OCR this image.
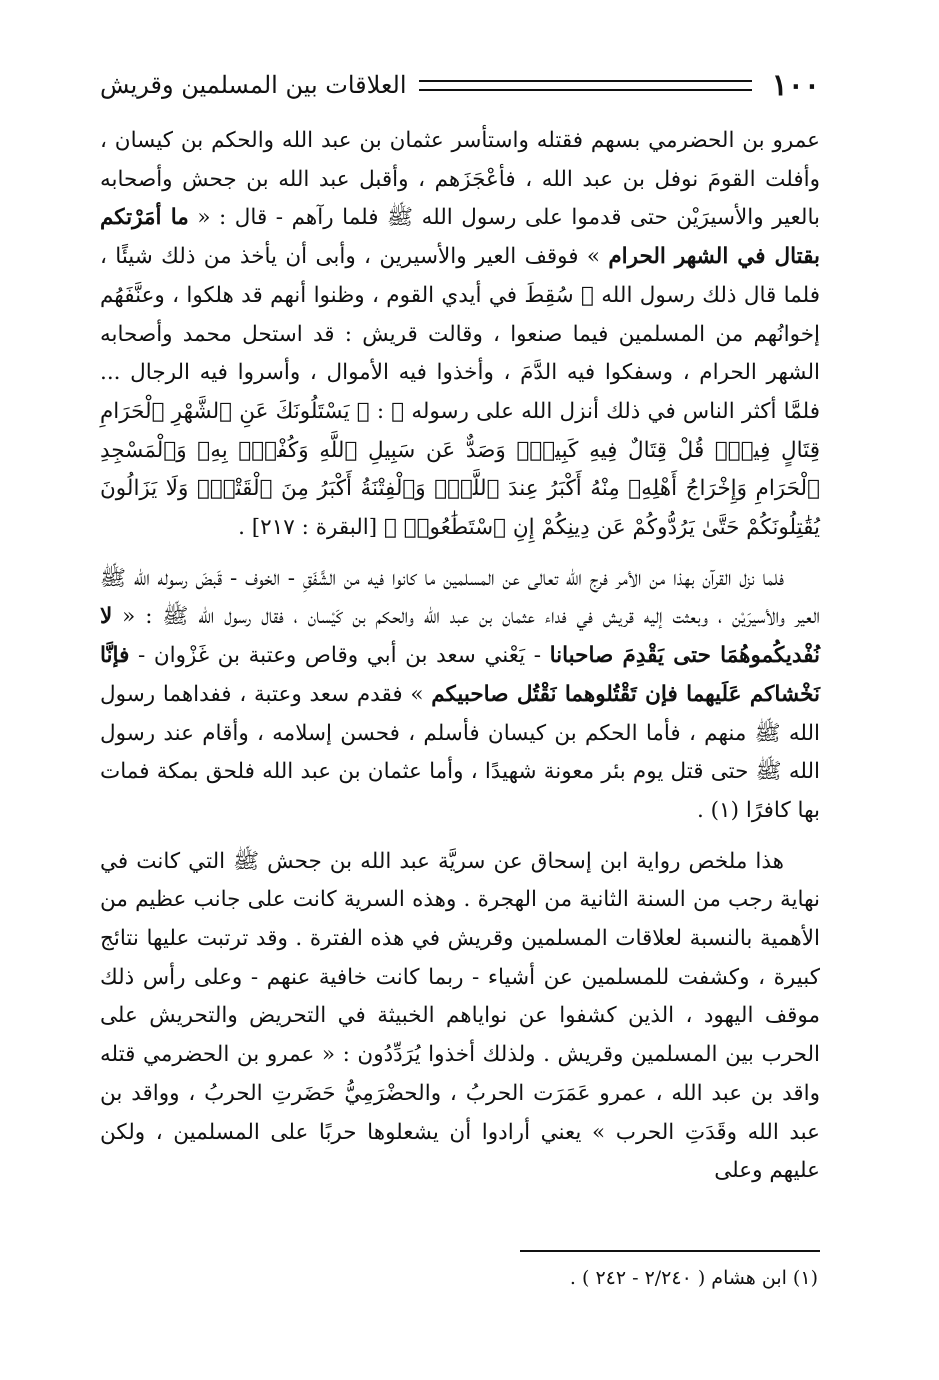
١٠٠
العلاقات بين المسلمين وقريش

عمرو بن الحضرمي بسهم فقتله واستأسر عثمان بن عبد الله والحكم بن كيسان ، وأفلت القومَ نوفل بن عبد الله ، فأعْجَزَهم ، وأقبل عبد الله بن جحش وأصحابه بالعير والأسيرَيْن حتى قدموا على رسول الله ﷺ فلما رآهم - قال : « ما أمَرْتكم بقتال في الشهر الحرام » فوقف العير والأسيرين ، وأبى أن يأخذ من ذلك شيئًا ، فلما قال ذلك رسول الله ﷺ سُقِطَ في أيدي القوم ، وظنوا أنهم قد هلكوا ، وعنَّفَهُم إخوانُهم من المسلمين فيما صنعوا ، وقالت قريش : قد استحل محمد وأصحابه الشهر الحرام ، وسفكوا فيه الدَّمَ ، وأخذوا فيه الأموال ، وأسروا فيه الرجال ... فلمَّا أكثر الناس في ذلك أنزل الله على رسوله ﷺ : ﴿ يَسْتَلُونَكَ عَنِ ٱلشَّهْرِ ٱلْحَرَامِ قِتَالٍ فِيهِۖ قُلْ قِتَالٌ فِيهِ كَبِيرٌۖ وَصَدٌّ عَن سَبِيلِ ٱللَّهِ وَكُفْرٌۢ بِهِۦ وَٱلْمَسْجِدِ ٱلْحَرَامِ وَإِخْرَاجُ أَهْلِهِۦ مِنْهُ أَكْبَرُ عِندَ ٱللَّهِۚ وَٱلْفِتْنَةُ أَكْبَرُ مِنَ ٱلْقَتْلِۗ وَلَا يَزَالُونَ يُقَٰتِلُونَكُمْ حَتَّىٰ يَرُدُّوكُمْ عَن دِينِكُمْ إِنِ ٱسْتَطَٰعُوا۟ ﴾ [البقرة : ٢١٧] .

فلما نزل القرآن بهذا من الأمر فرج الله تعالى عن المسلمين ما كانوا فيه من الشَّفَقِ - الخوف - قَبضَ رسوله الله ﷺ العير والأسيرَيْن ، وبعثت إليه قريش في فداء عثمان بن عبد الله والحكم بن كَيْسان ، فقال رسول الله ﷺ : « لا نُفْديكُموهُمَا حتى يَقْدِمَ صاحبانا - يَعْني سعد بن أبي وقاص وعتبة بن غَزْوان - فإنَّا نَخْشاكم عَلَيهما فإن تَقْتُلوهما نَقْتُل صاحبيكم » فقدم سعد وعتبة ، ففداهما رسول الله ﷺ منهم ، فأما الحكم بن كيسان فأسلم ، فحسن إسلامه ، وأقام عند رسول الله ﷺ حتى قتل يوم بئر معونة شهيدًا ، وأما عثمان بن عبد الله فلحق بمكة فمات بها كافرًا (١) .

هذا ملخص رواية ابن إسحاق عن سريَّة عبد الله بن جحش ﷺ التي كانت في نهاية رجب من السنة الثانية من الهجرة . وهذه السرية كانت على جانب عظيم من الأهمية بالنسبة لعلاقات المسلمين وقريش في هذه الفترة . وقد ترتبت عليها نتائج كبيرة ، وكشفت للمسلمين عن أشياء - ربما كانت خافية عنهم - وعلى رأس ذلك موقف اليهود ، الذين كشفوا عن نواياهم الخبيثة في التحريض والتحريش على الحرب بين المسلمين وقريش . ولذلك أخذوا يُرَدِّدُون : « عمرو بن الحضرمي قتله واقد بن عبد الله ، عمرو عَمَرَت الحربُ ، والحضْرَمِيُّ حَضَرتِ الحربُ ، وواقد بن عبد الله وقَدَتِ الحرب » يعني أرادوا أن يشعلوها حربًا على المسلمين ، ولكن عليهم وعلى

(١) ابن هشام ( ٢/٢٤٠ - ٢٤٢ ) .
